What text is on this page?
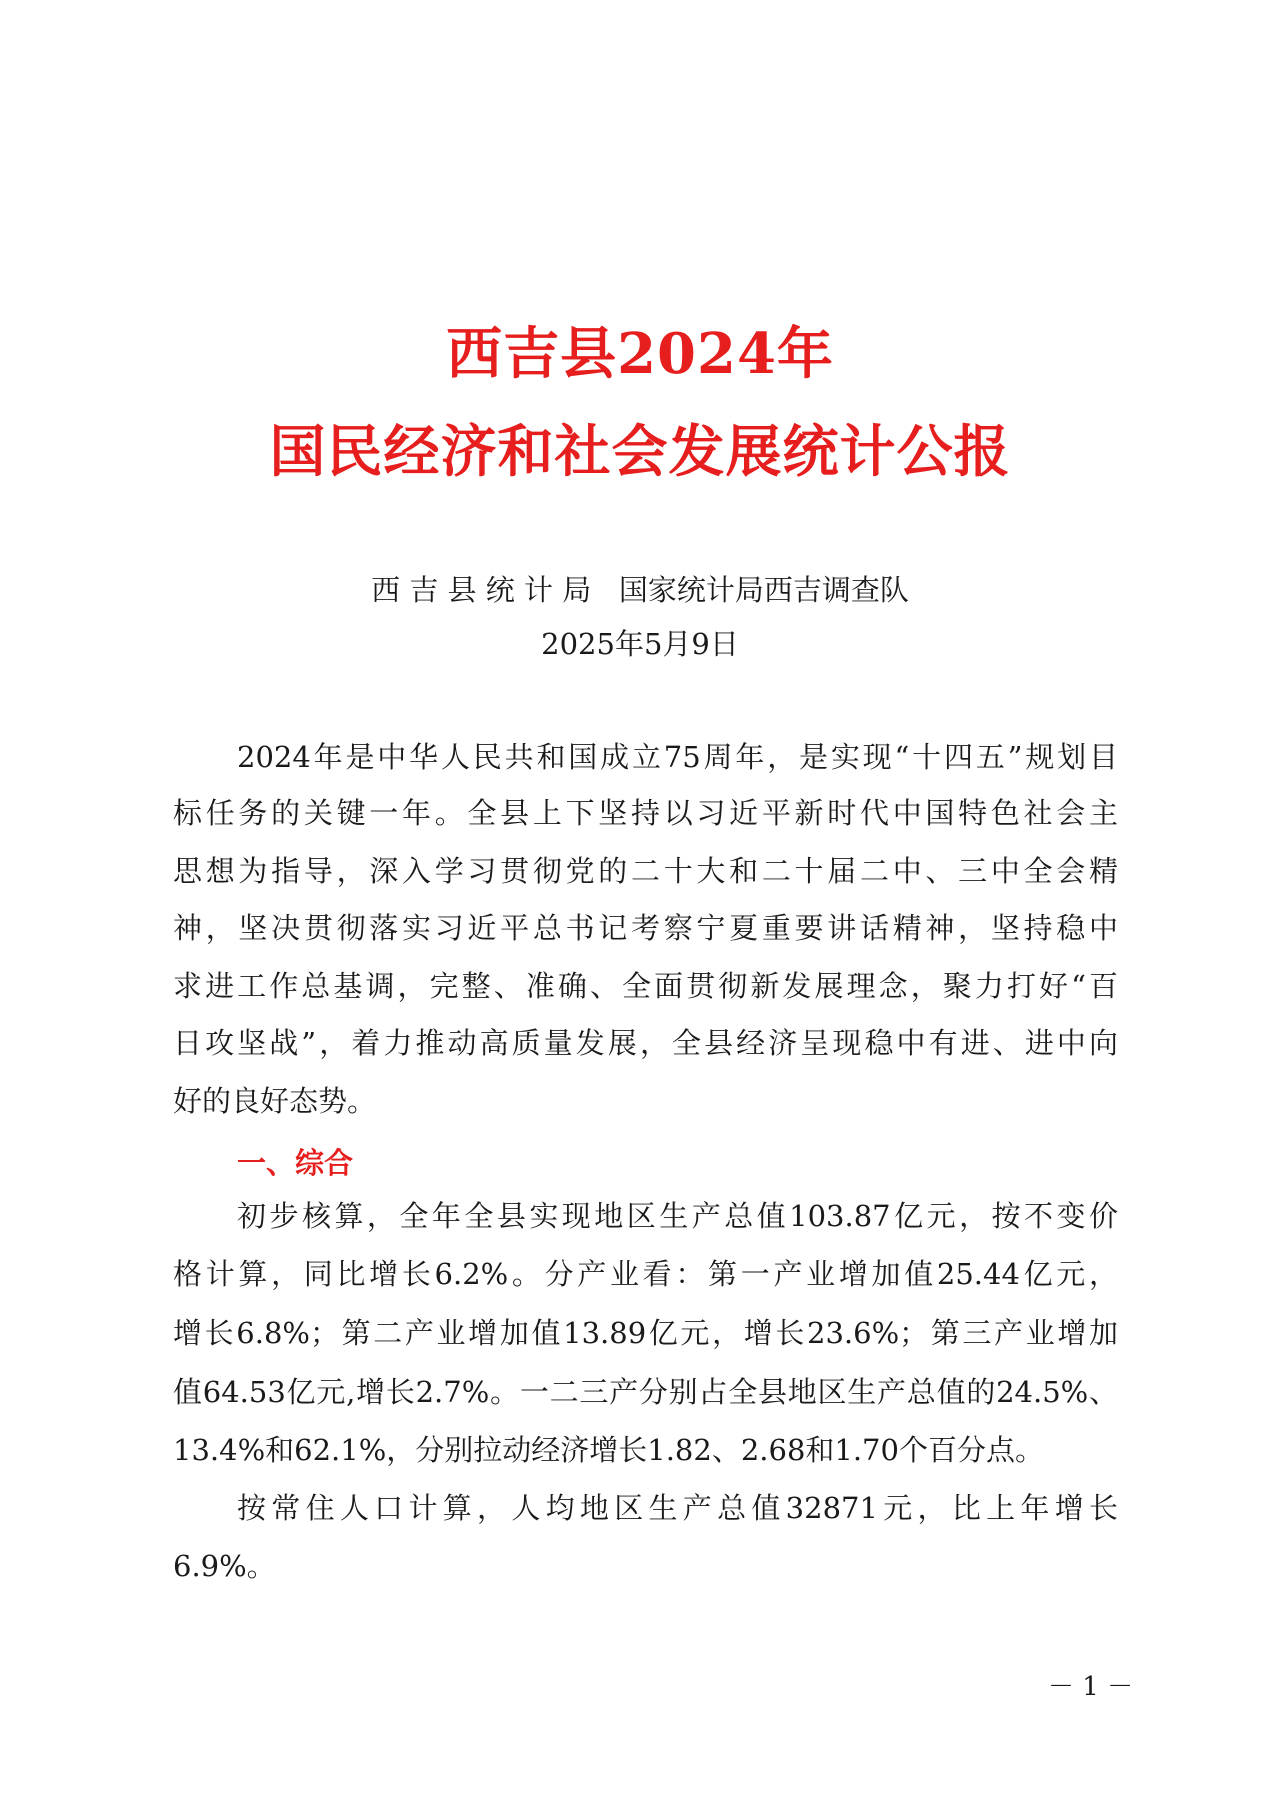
西吉县2024年
国民经济和社会发展统计公报
西 吉 县 统 计 局   国家统计局西吉调查队
2025年5月9日
2024年是中华人民共和国成立75周年，是实现“十四五”规划目
标任务的关键一年。全县上下坚持以习近平新时代中国特色社会主
思想为指导，深入学习贯彻党的二十大和二十届二中、三中全会精
神，坚决贯彻落实习近平总书记考察宁夏重要讲话精神，坚持稳中
求进工作总基调，完整、准确、全面贯彻新发展理念，聚力打好“百
日攻坚战”，着力推动高质量发展，全县经济呈现稳中有进、进中向
好的良好态势。
一、综合
初步核算，全年全县实现地区生产总值103.87亿元，按不变价
格计算，同比增长6.2%。分产业看：第一产业增加值25.44亿元，
增长6.8%；第二产业增加值13.89亿元，增长23.6%；第三产业增加
值64.53亿元,增长2.7%。一二三产分别占全县地区生产总值的24.5%、
13.4%和62.1%，分别拉动经济增长1.82、2.68和1.70个百分点。
按常住人口计算，人均地区生产总值32871元，比上年增长
6.9%。
－ 1 －
